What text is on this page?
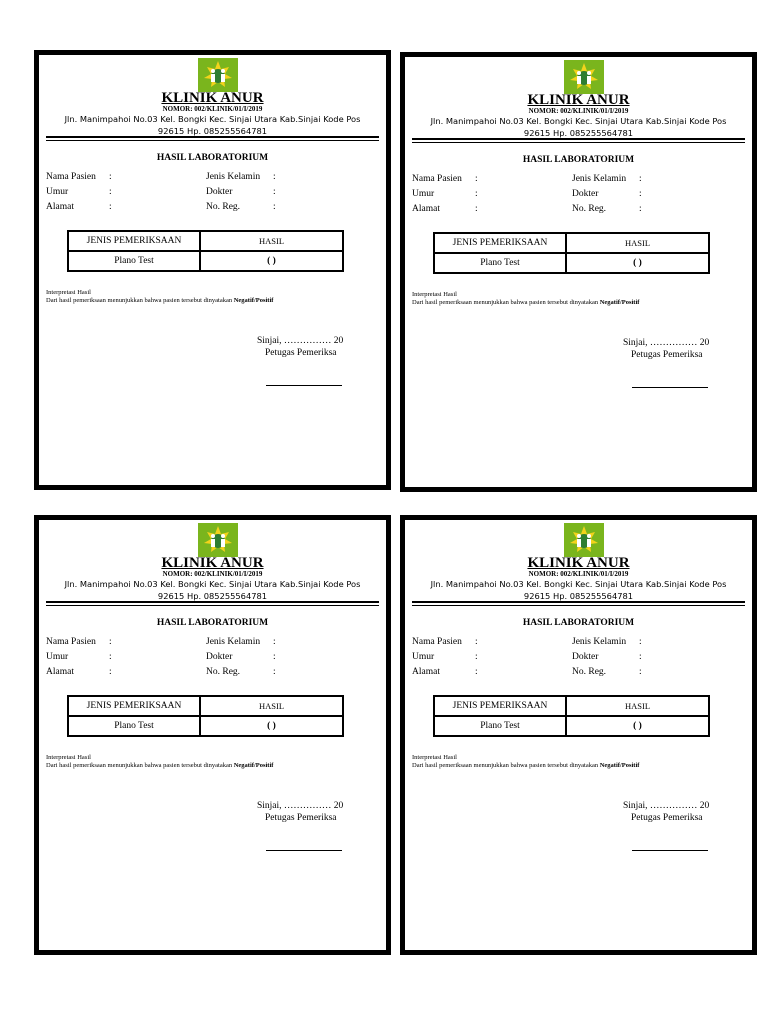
KLINIK ANUR
NOMOR: 002/KLINIK/01/I/2019
Jln. Manimpahoi No.03 Kel. Bongki Kec. Sinjai Utara Kab.Sinjai Kode Pos
92615 Hp. 085255564781
HASIL LABORATORIUM
Nama Pasien :
Umur	:
Alamat	:
Jenis Kelamin :
Dokter	:
No. Reg.	:
JENIS PEMERIKSAAN	HASIL
Plano Test	( )
Interpretasi Hasil
Dari hasil pemeriksaan menunjukkan bahwa pasien tersebut dinyatakan Negatif/Positif
Sinjai, …………… 20
Petugas Pemeriksa
KLINIK ANUR
NOMOR: 002/KLINIK/01/I/2019
Jln. Manimpahoi No.03 Kel. Bongki Kec. Sinjai Utara Kab.Sinjai Kode Pos
92615 Hp. 085255564781
HASIL LABORATORIUM
Nama Pasien :
Umur	:
Alamat	:
Jenis Kelamin :
Dokter	:
No. Reg.	:
JENIS PEMERIKSAAN	HASIL
Plano Test	( )
Interpretasi Hasil
Dari hasil pemeriksaan menunjukkan bahwa pasien tersebut dinyatakan Negatif/Positif
Sinjai, …………… 20
Petugas Pemeriksa
KLINIK ANUR
NOMOR: 002/KLINIK/01/I/2019
Jln. Manimpahoi No.03 Kel. Bongki Kec. Sinjai Utara Kab.Sinjai Kode Pos
92615 Hp. 085255564781
HASIL LABORATORIUM
Nama Pasien :
Umur	:
Alamat	:
Jenis Kelamin :
Dokter	:
No. Reg.	:
JENIS PEMERIKSAAN	HASIL
Plano Test	( )
Interpretasi Hasil
Dari hasil pemeriksaan menunjukkan bahwa pasien tersebut dinyatakan Negatif/Positif
Sinjai, …………… 20
Petugas Pemeriksa
KLINIK ANUR
NOMOR: 002/KLINIK/01/I/2019
Jln. Manimpahoi No.03 Kel. Bongki Kec. Sinjai Utara Kab.Sinjai Kode Pos
92615 Hp. 085255564781
HASIL LABORATORIUM
Nama Pasien :
Umur	:
Alamat	:
Jenis Kelamin :
Dokter	:
No. Reg.	:
JENIS PEMERIKSAAN	HASIL
Plano Test	( )
Interpretasi Hasil
Dari hasil pemeriksaan menunjukkan bahwa pasien tersebut dinyatakan Negatif/Positif
Sinjai, …………… 20
Petugas Pemeriksa
